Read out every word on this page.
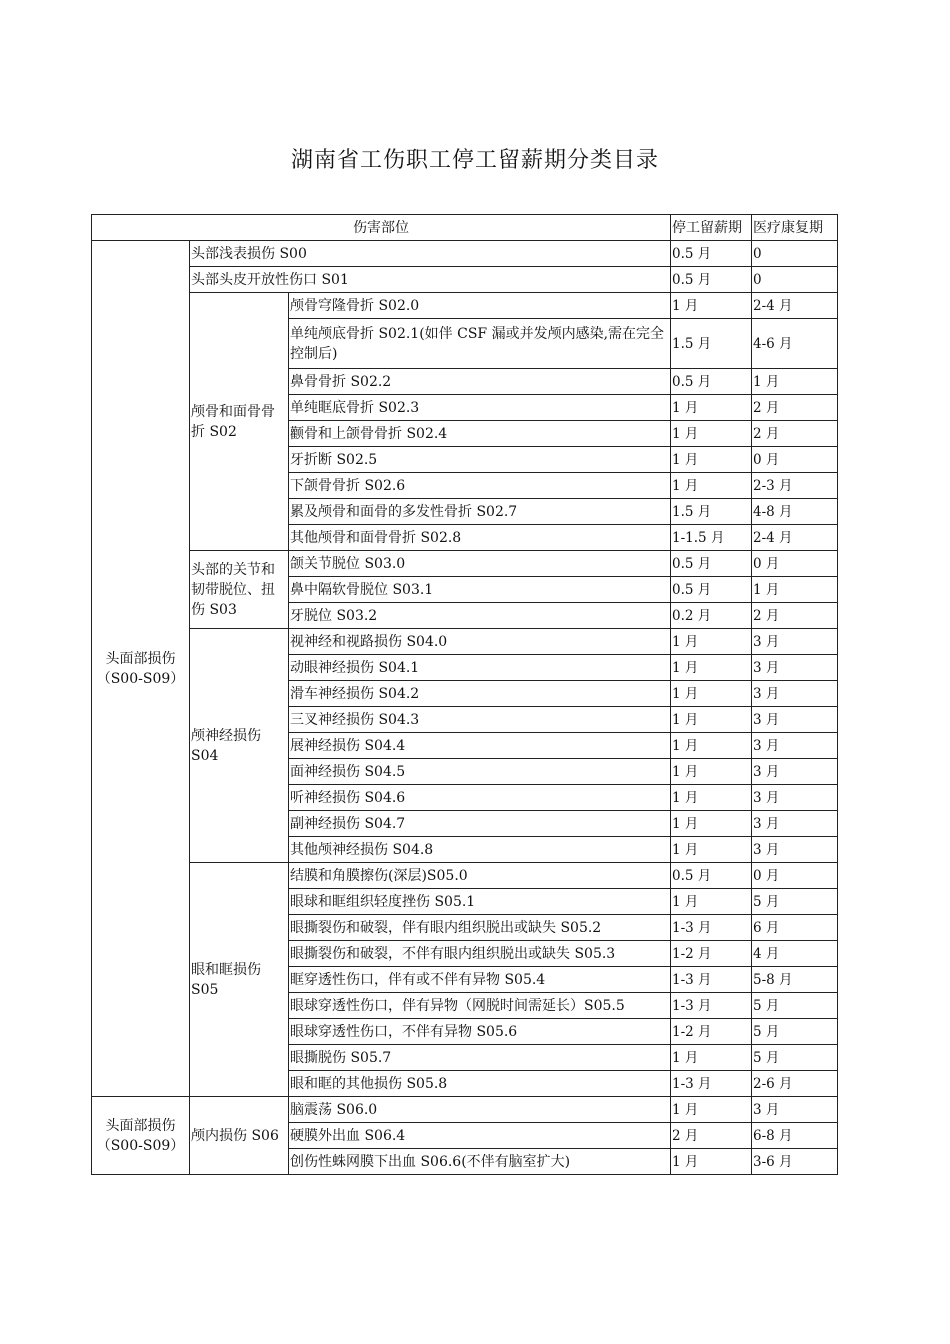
湖南省工伤职工停工留薪期分类目录
伤害部位			停工留薪期	医疗康复期
头面部损伤（S00-S09）	头部浅表损伤 S00		0.5 月	0
	头部头皮开放性伤口 S01		0.5 月	0
	颅骨和面骨骨折 S02	颅骨穹隆骨折 S02.0	1 月	2-4 月
		单纯颅底骨折 S02.1(如伴 CSF 漏或并发颅内感染,需在完全控制后)	1.5 月	4-6 月
		鼻骨骨折 S02.2	0.5 月	1 月
		单纯眶底骨折 S02.3	1 月	2 月
		颧骨和上颌骨骨折 S02.4	1 月	2 月
		牙折断 S02.5	1 月	0 月
		下颌骨骨折 S02.6	1 月	2-3 月
		累及颅骨和面骨的多发性骨折 S02.7	1.5 月	4-8 月
		其他颅骨和面骨骨折 S02.8	1-1.5 月	2-4 月
	头部的关节和韧带脱位、扭伤 S03	颌关节脱位 S03.0	0.5 月	0 月
		鼻中隔软骨脱位 S03.1	0.5 月	1 月
		牙脱位 S03.2	0.2 月	2 月
	颅神经损伤 S04	视神经和视路损伤 S04.0	1 月	3 月
		动眼神经损伤 S04.1	1 月	3 月
		滑车神经损伤 S04.2	1 月	3 月
		三叉神经损伤 S04.3	1 月	3 月
		展神经损伤 S04.4	1 月	3 月
		面神经损伤 S04.5	1 月	3 月
		听神经损伤 S04.6	1 月	3 月
		副神经损伤 S04.7	1 月	3 月
		其他颅神经损伤 S04.8	1 月	3 月
	眼和眶损伤 S05	结膜和角膜擦伤(深层)S05.0	0.5 月	0 月
		眼球和眶组织轻度挫伤 S05.1	1 月	5 月
		眼撕裂伤和破裂，伴有眼内组织脱出或缺失 S05.2	1-3 月	6 月
		眼撕裂伤和破裂，不伴有眼内组织脱出或缺失 S05.3	1-2 月	4 月
		眶穿透性伤口，伴有或不伴有异物 S05.4	1-3 月	5-8 月
		眼球穿透性伤口，伴有异物（网脱时间需延长）S05.5	1-3 月	5 月
		眼球穿透性伤口，不伴有异物 S05.6	1-2 月	5 月
		眼撕脱伤 S05.7	1 月	5 月
		眼和眶的其他损伤 S05.8	1-3 月	2-6 月
头面部损伤（S00-S09）	颅内损伤 S06	脑震荡 S06.0	1 月	3 月
		硬膜外出血 S06.4	2 月	6-8 月
		创伤性蛛网膜下出血 S06.6(不伴有脑室扩大)	1 月	3-6 月
